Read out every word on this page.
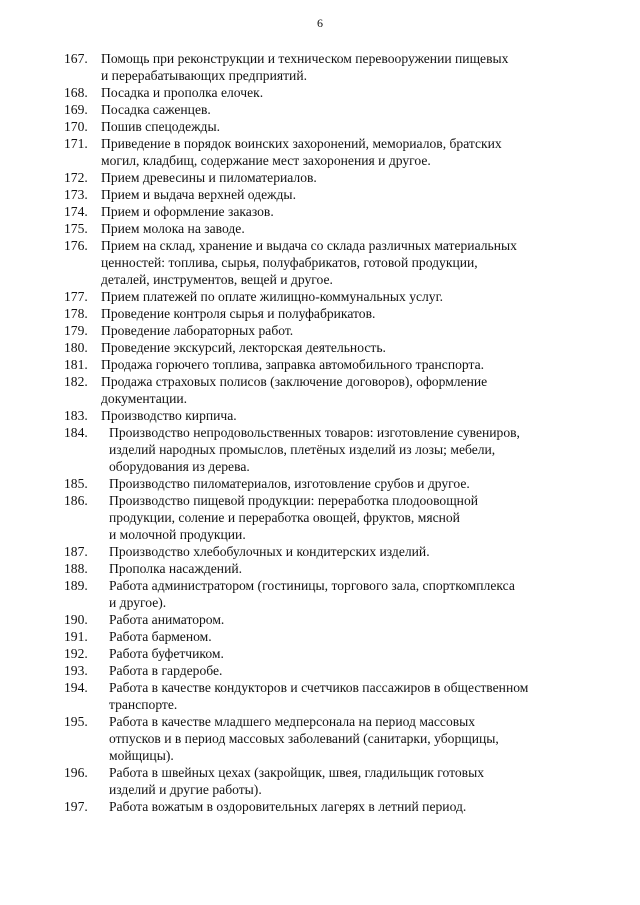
6
167. Помощь при реконструкции и техническом перевооружении пищевых
и перерабатывающих предприятий.
168. Посадка и прополка елочек.
169. Посадка саженцев.
170. Пошив спецодежды.
171. Приведение в порядок воинских захоронений, мемориалов, братских
могил, кладбищ, содержание мест захоронения и другое.
172. Прием древесины и пиломатериалов.
173. Прием и выдача верхней одежды.
174. Прием и оформление заказов.
175. Прием молока на заводе.
176. Прием на склад, хранение и выдача со склада различных материальных
ценностей: топлива, сырья, полуфабрикатов, готовой продукции,
деталей, инструментов, вещей и другое.
177. Прием платежей по оплате жилищно-коммунальных услуг.
178. Проведение контроля сырья и полуфабрикатов.
179. Проведение лабораторных работ.
180. Проведение экскурсий, лекторская деятельность.
181. Продажа горючего топлива, заправка автомобильного транспорта.
182. Продажа страховых полисов (заключение договоров), оформление
документации.
183. Производство кирпича.
184.	Производство непродовольственных товаров: изготовление сувениров,
изделий народных промыслов, плетёных изделий из лозы; мебели,
оборудования из дерева.
185.	Производство пиломатериалов, изготовление срубов и другое.
186.	Производство пищевой продукции: переработка плодоовощной
продукции, соление и переработка овощей, фруктов, мясной
и молочной продукции.
187.	Производство хлебобулочных и кондитерских изделий.
188.	Прополка насаждений.
189.	Работа администратором (гостиницы, торгового зала, спорткомплекса
и другое).
190.	Работа аниматором.
191.	Работа барменом.
192.	Работа буфетчиком.
193.	Работа в гардеробе.
194.	Работа в качестве кондукторов и счетчиков пассажиров в общественном
транспорте.
195.	Работа в качестве младшего медперсонала на период массовых
отпусков и в период массовых заболеваний (санитарки, уборщицы,
мойщицы).
196.	Работа в швейных цехах (закройщик, швея, гладильщик готовых
изделий и другие работы).
197.	Работа вожатым в оздоровительных лагерях в летний период.
